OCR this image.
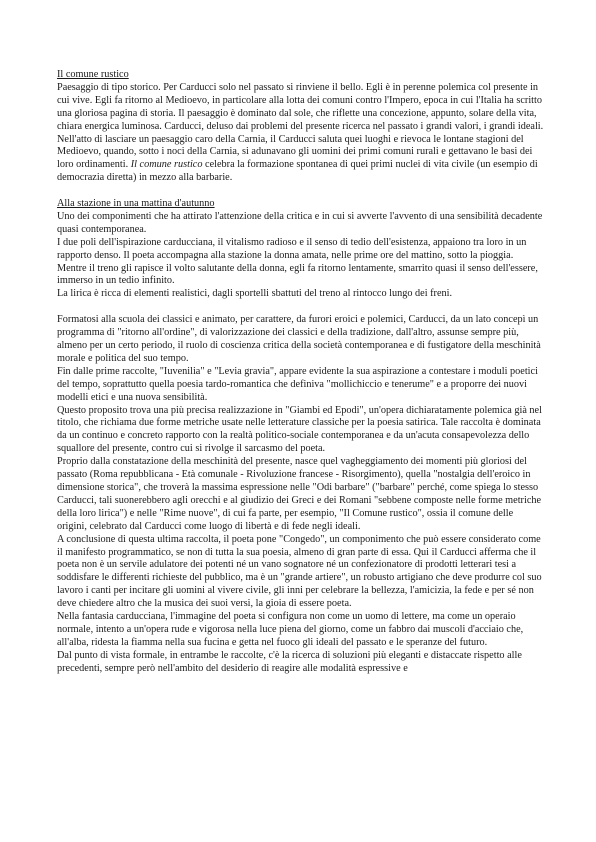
Il comune rustico

Paesaggio di tipo storico. Per Carducci solo nel passato si rinviene il bello. Egli è in perenne polemica col presente in cui vive. Egli fa ritorno al Medioevo, in particolare alla lotta dei comuni contro l'Impero, epoca in cui l'Italia ha scritto una gloriosa pagina di storia. Il paesaggio è dominato dal sole, che riflette una concezione, appunto, solare della vita, chiara energica luminosa. Carducci, deluso dai problemi del presente ricerca nel passato i grandi valori, i grandi ideali.

Nell'atto di lasciare un paesaggio caro della Carnia, il Carducci saluta quei luoghi e rievoca le lontane stagioni del Medioevo, quando, sotto i noci della Carnia, si adunavano gli uomini dei primi comuni rurali e gettavano le basi dei loro ordinamenti. Il comune rustico celebra la formazione spontanea di quei primi nuclei di vita civile (un esempio di democrazia diretta) in mezzo alla barbarie.

Alla stazione in una mattina d'autunno

Uno dei componimenti che ha attirato l'attenzione della critica e in cui si avverte l'avvento di una sensibilità decadente quasi contemporanea.

I due poli dell'ispirazione carducciana, il vitalismo radioso e il senso di tedio dell'esistenza, appaiono tra loro in un rapporto denso. Il poeta accompagna alla stazione la donna amata, nelle prime ore del mattino, sotto la pioggia. Mentre il treno gli rapisce il volto salutante della donna, egli fa ritorno lentamente, smarrito quasi il senso dell'essere, immerso in un tedio infinito.

La lirica è ricca di elementi realistici, dagli sportelli sbattuti del treno al rintocco lungo dei freni.

Formatosi alla scuola dei classici e animato, per carattere, da furori eroici e polemici, Carducci, da un lato concepì un programma di "ritorno all'ordine", di valorizzazione dei classici e della tradizione, dall'altro, assunse sempre più, almeno per un certo periodo, il ruolo di coscienza critica della società contemporanea e di fustigatore della meschinità morale e politica del suo tempo.

Fin dalle prime raccolte, "Iuvenilia" e "Levia gravia", appare evidente la sua aspirazione a contestare i moduli poetici del tempo, soprattutto quella poesia tardo-romantica che definiva "mollichiccio e tenerume" e a proporre dei nuovi modelli etici e una nuova sensibilità.

Questo proposito trova una più precisa realizzazione in "Giambi ed Epodi", un'opera dichiaratamente polemica già nel titolo, che richiama due forme metriche usate nelle letterature classiche per la poesia satirica. Tale raccolta è dominata da un continuo e concreto rapporto con la realtà politico-sociale contemporanea e da un'acuta consapevolezza dello squallore del presente, contro cui si rivolge il sarcasmo del poeta.

Proprio dalla constatazione della meschinità del presente, nasce quel vagheggiamento dei momenti più gloriosi del passato (Roma repubblicana - Età comunale - Rivoluzione francese - Risorgimento), quella "nostalgia dell'eroico in dimensione storica", che troverà la massima espressione nelle "Odi barbare" ("barbare" perché, come spiega lo stesso Carducci, tali suonerebbero agli orecchi e al giudizio dei Greci e dei Romani "sebbene composte nelle forme metriche della loro lirica") e nelle "Rime nuove", di cui fa parte, per esempio, "Il Comune rustico", ossia il comune delle origini, celebrato dal Carducci come luogo di libertà e di fede negli ideali.

A conclusione di questa ultima raccolta, il poeta pone "Congedo", un componimento che può essere considerato come il manifesto programmatico, se non di tutta la sua poesia, almeno di gran parte di essa. Qui il Carducci afferma che il poeta non è un servile adulatore dei potenti né un vano sognatore né un confezionatore di prodotti letterari tesi a soddisfare le differenti richieste del pubblico, ma è un "grande artiere", un robusto artigiano che deve produrre col suo lavoro i canti per incitare gli uomini al vivere civile, gli inni per celebrare la bellezza, l'amicizia, la fede e per sé non deve chiedere altro che la musica dei suoi versi, la gioia di essere poeta.

Nella fantasia carducciana, l'immagine del poeta si configura non come un uomo di lettere, ma come un operaio normale, intento a un'opera rude e vigorosa nella luce piena del giorno, come un fabbro dai muscoli d'acciaio che, all'alba, ridesta la fiamma nella sua fucina e getta nel fuoco gli ideali del passato e le speranze del futuro.

Dal punto di vista formale, in entrambe le raccolte, c'è la ricerca di soluzioni più eleganti e distaccate rispetto alle precedenti, sempre però nell'ambito del desiderio di reagire alle modalità espressive e
